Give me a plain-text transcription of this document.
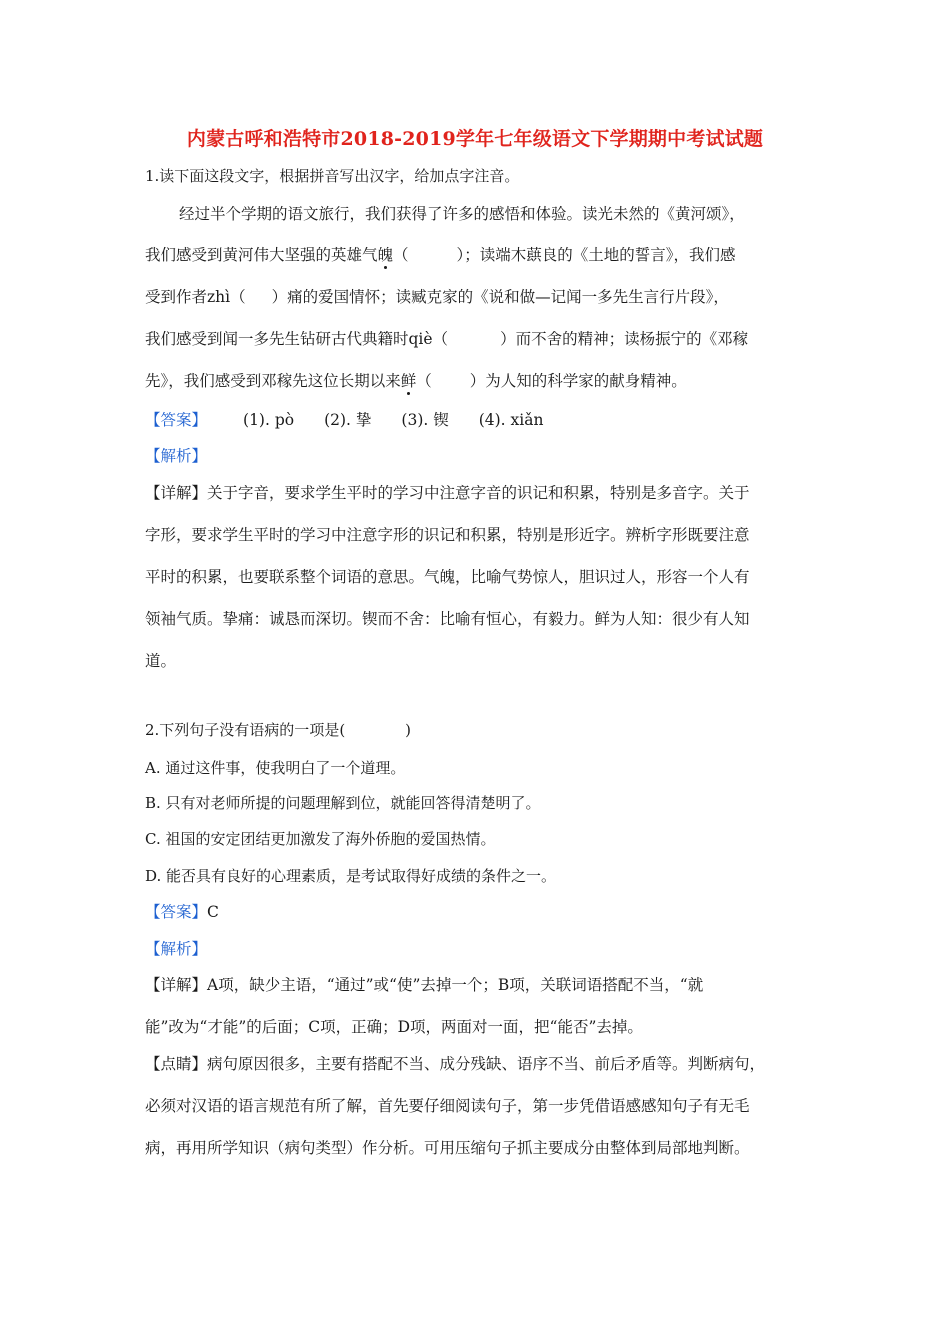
内蒙古呼和浩特市2018-2019学年七年级语文下学期期中考试试题
1.读下面这段文字，根据拼音写出汉字，给加点字注音。
经过半个学期的语文旅行，我们获得了许多的感悟和体验。读光未然的《黄河颂》，
我们感受到黄河伟大坚强的英雄气魄（	）；读端木蕻良的《土地的誓言》，我们感
受到作者zhì（ ）痛的爱国情怀；读臧克家的《说和做—记闻一多先生言行片段》，
我们感受到闻一多先生钻研古代典籍时qiè（	）而不舍的精神；读杨振宁的《邓稼
先》，我们感受到邓稼先这位长期以来鲜（ ）为人知的科学家的献身精神。
【答案】 (1). pò (2). 挚 (3). 锲 (4). xiǎn
【解析】
【详解】关于字音，要求学生平时的学习中注意字音的识记和积累，特别是多音字。关于
字形，要求学生平时的学习中注意字形的识记和积累，特别是形近字。辨析字形既要注意
平时的积累，也要联系整个词语的意思。气魄，比喻气势惊人，胆识过人，形容一个人有
领袖气质。挚痛：诚恳而深切。锲而不舍：比喻有恒心，有毅力。鲜为人知：很少有人知
道。
2.下列句子没有语病的一项是(　　　　)
A. 通过这件事，使我明白了一个道理。
B. 只有对老师所提的问题理解到位，就能回答得清楚明了。
C. 祖国的安定团结更加激发了海外侨胞的爱国热情。
D. 能否具有良好的心理素质，是考试取得好成绩的条件之一。
【答案】C
【解析】
【详解】A项，缺少主语，“通过”或“使”去掉一个；B项，关联词语搭配不当，“就
能”改为“才能”的后面；C项，正确；D项，两面对一面，把“能否”去掉。
【点睛】病句原因很多，主要有搭配不当、成分残缺、语序不当、前后矛盾等。判断病句，
必须对汉语的语言规范有所了解，首先要仔细阅读句子，第一步凭借语感感知句子有无毛
病，再用所学知识（病句类型）作分析。可用压缩句子抓主要成分由整体到局部地判断。
